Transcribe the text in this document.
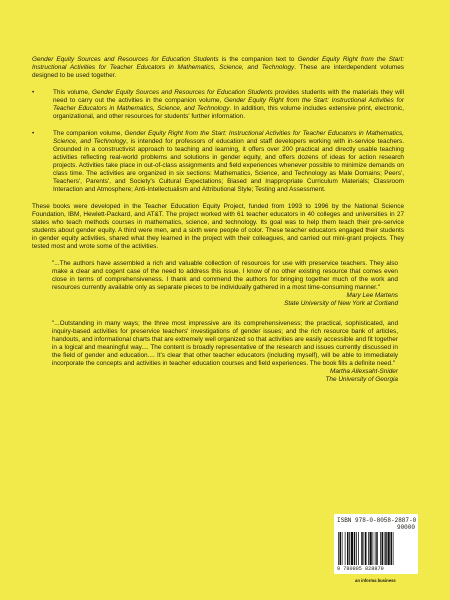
Gender Equity Sources and Resources for Education Students is the companion text to Gender Equity Right from the Start: Instructional Activities for Teacher Educators in Mathematics, Science, and Technology. These are interdependent volumes designed to be used together.

•	This volume, Gender Equity Sources and Resources for Education Students provides students with the materials they will need to carry out the activities in the companion volume, Gender Equity Right from the Start: Instructional Activities for Teacher Educators in Mathematics, Science, and Technology. In addition, this volume includes extensive print, electronic, organizational, and other resources for students' further information.
•	The companion volume, Gender Equity Right from the Start: Instructional Activities for Teacher Educators in Mathematics, Science, and Technology, is intended for professors of education and staff developers working with in-service teachers. Grounded in a constructivist approach to teaching and learning, it offers over 200 practical and directly usable teaching activities reflecting real-world problems and solutions in gender equity, and offers dozens of ideas for action research projects. Activities take place in out-of-class assignments and field experiences whenever possible to minimize demands on class time. The activities are organized in six sections: Mathematics, Science, and Technology as Male Domains; Peers', Teachers', Parents', and Society's Cultural Expectations; Biased and Inappropriate Curriculum Materials; Classroom Interaction and Atmosphere; Anti-Intellectualism and Attributional Style; Testing and Assessment.

These books were developed in the Teacher Education Equity Project, funded from 1993 to 1996 by the National Science Foundation, IBM, Hewlett-Packard, and AT&T. The project worked with 61 teacher educators in 40 colleges and universities in 27 states who teach methods courses in mathematics, science, and technology. Its goal was to help them teach their pre-service students about gender equity. A third were men, and a sixth were people of color. These teacher educators engaged their students in gender equity activities, shared what they learned in the project with their colleagues, and carried out mini-grant projects. They tested most and wrote some of the activities.

"...The authors have assembled a rich and valuable collection of resources for use with preservice teachers. They also make a clear and cogent case of the need to address this issue. I know of no other existing resource that comes even close in terms of comprehensiveness. I thank and commend the authors for bringing together much of the work and resources currently available only as separate pieces to be individually gathered in a most time-consuming manner."
Mary Lee Martens
State University of New York at Cortland
"...Outstanding in many ways; the three most impressive are its comprehensiveness; the practical, sophisticated, and inquiry-based activities for preservice teachers' investigations of gender issues; and the rich resource bank of articles, handouts, and informational charts that are extremely well organized so that activities are easily accessible and fit together in a logical and meaningful way.... The content is broadly representative of the research and issues currently discussed in the field of gender and education.... It's clear that other teacher educators (including myself), will be able to immediately incorporate the concepts and activities in teacher education courses and field experiences. The book fills a definite need."
Martha Allexsaht-Snider
The University of Georgia
ISBN 978-0-8058-2887-0
90000
9 780805 828870
an informa business
